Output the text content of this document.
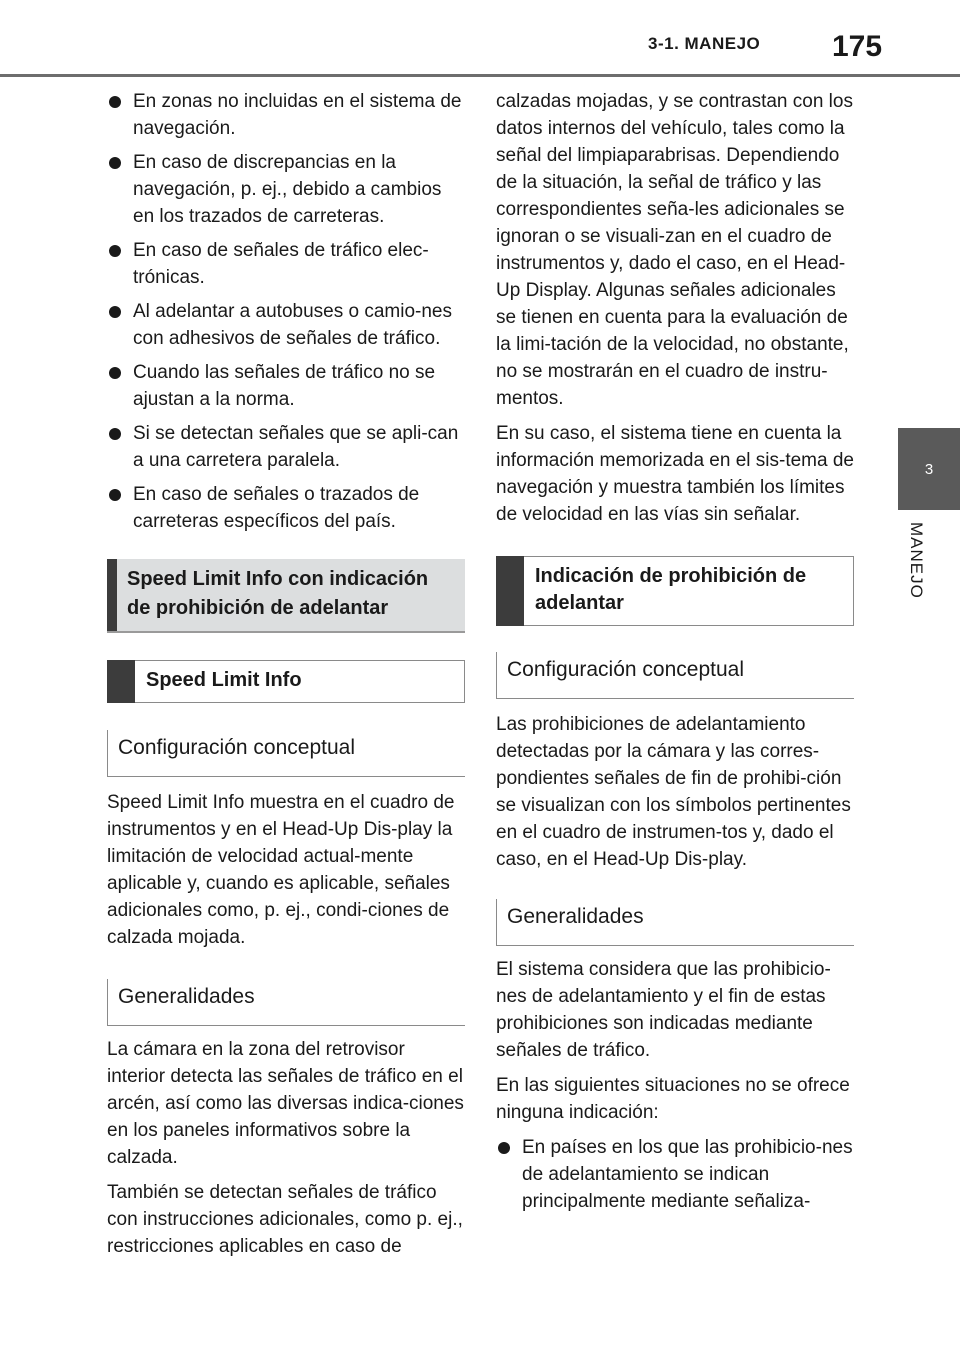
3-1. MANEJO 175
3
MANEJO
En zonas no incluidas en el sistema de navegación.
En caso de discrepancias en la navegación, p. ej., debido a cambios en los trazados de carreteras.
En caso de señales de tráfico elec-trónicas.
Al adelantar a autobuses o camio-nes con adhesivos de señales de tráfico.
Cuando las señales de tráfico no se ajustan a la norma.
Si se detectan señales que se apli-can a una carretera paralela.
En caso de señales o trazados de carreteras específicos del país.
Speed Limit Info con indicación de prohibición de adelantar
Speed Limit Info
Configuración conceptual

Speed Limit Info muestra en el cuadro de instrumentos y en el Head-Up Dis-play la limitación de velocidad actual-mente aplicable y, cuando es aplicable, señales adicionales como, p. ej., condi-ciones de calzada mojada.

Generalidades

La cámara en la zona del retrovisor interior detecta las señales de tráfico en el arcén, así como las diversas indica-ciones en los paneles informativos sobre la calzada.

También se detectan señales de tráfico con instrucciones adicionales, como p. ej., restricciones aplicables en caso de

calzadas mojadas, y se contrastan con los datos internos del vehículo, tales como la señal del limpiaparabrisas. Dependiendo de la situación, la señal de tráfico y las correspondientes seña-les adicionales se ignoran o se visuali-zan en el cuadro de instrumentos y, dado el caso, en el Head-Up Display. Algunas señales adicionales se tienen en cuenta para la evaluación de la limi-tación de la velocidad, no obstante, no se mostrarán en el cuadro de instru-mentos.

En su caso, el sistema tiene en cuenta la información memorizada en el sis-tema de navegación y muestra también los límites de velocidad en las vías sin señalar.

Indicación de prohibición de adelantar
Configuración conceptual

Las prohibiciones de adelantamiento detectadas por la cámara y las corres-pondientes señales de fin de prohibi-ción se visualizan con los símbolos pertinentes en el cuadro de instrumen-tos y, dado el caso, en el Head-Up Dis-play.

Generalidades

El sistema considera que las prohibicio-nes de adelantamiento y el fin de estas prohibiciones son indicadas mediante señales de tráfico.

En las siguientes situaciones no se ofrece ninguna indicación:

En países en los que las prohibicio-nes de adelantamiento se indican principalmente mediante señaliza-
